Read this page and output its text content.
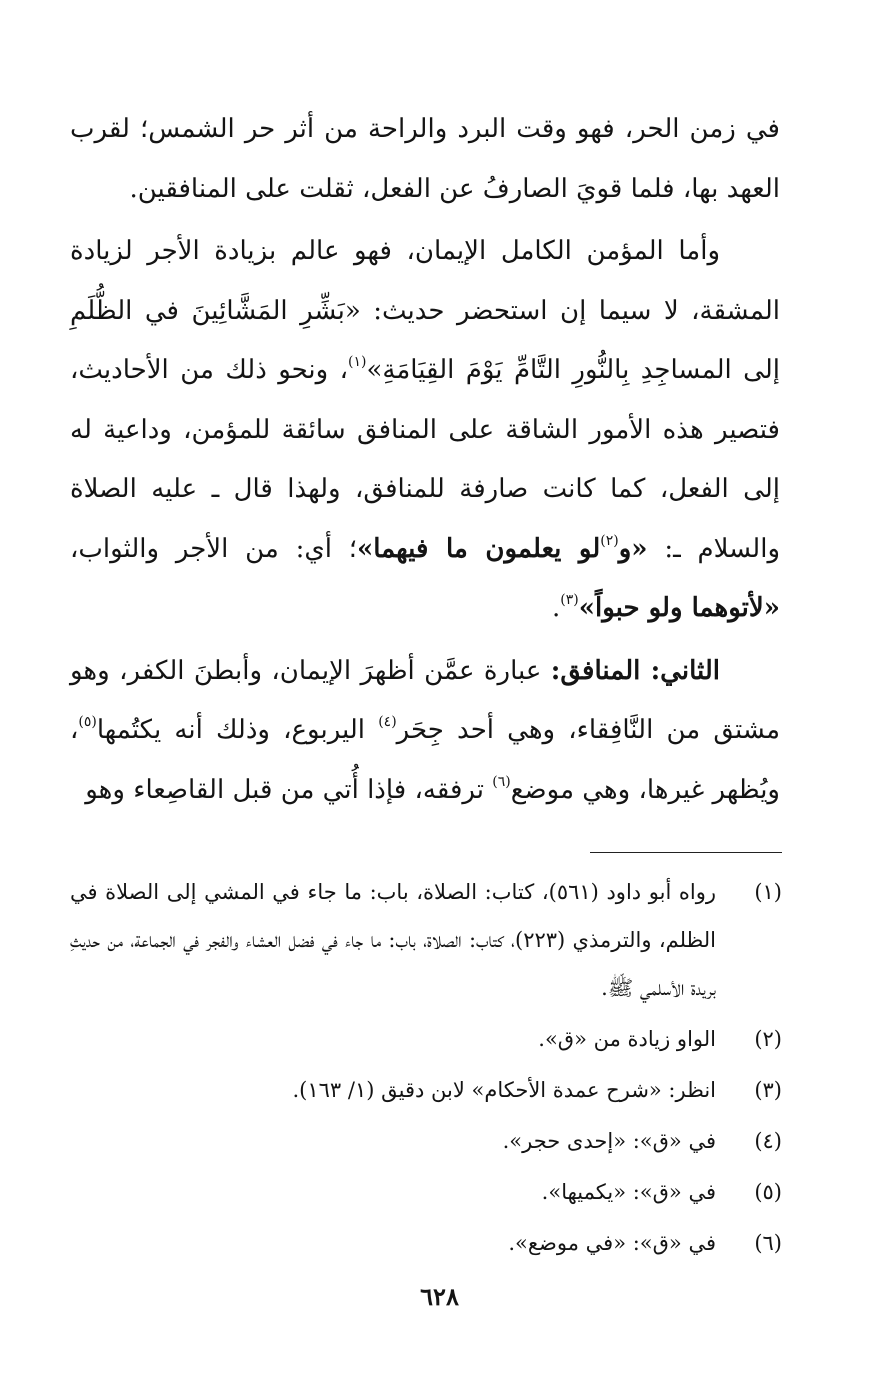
في زمن الحر، فهو وقت البرد والراحة من أثر حر الشمس؛ لقرب العهد بها، فلما قويَ الصارفُ عن الفعل، ثقلت على المنافقين.

وأما المؤمن الكامل الإيمان، فهو عالم بزيادة الأجر لزيادة المشقة، لا سيما إن استحضر حديث: «بَشِّرِ المَشَّائِينَ في الظُّلَمِ إلى المساجِدِ بِالنُّورِ التَّامِّ يَوْمَ القِيَامَةِ»$^{(١)}$، ونحو ذلك من الأحاديث، فتصير هذه الأمور الشاقة على المنافق سائقة للمؤمن، وداعية له إلى الفعل، كما كانت صارفة للمنافق، ولهذا قال ـ عليه الصلاة والسلام ـ: «و$^{(٢)}$لو يعلمون ما فيهما»؛ أي: من الأجر والثواب، «لأتوهما ولو حبواً»$^{(٣)}$.

الثاني: المنافق: عبارة عمَّن أظهرَ الإيمان، وأبطنَ الكفر، وهو مشتق من النَّافِقاء، وهي أحد جِحَر$^{(٤)}$ اليربوع، وذلك أنه يكتُمها$^{(٥)}$، ويُظهر غيرها، وهي موضع$^{(٦)}$ ترفقه، فإذا أُتي من قبل القاصِعاء وهو

(١)
رواه أبو داود (٥٦١)، كتاب: الصلاة، باب: ما جاء في المشي إلى الصلاة في الظلم، والترمذي (٢٢٣)، كتاب: الصلاة، باب: ما جاء في فضل العشاء والفجر في الجماعة، من حديثِ بريدة الأسلمي ﷺ.
(٢)
الواو زيادة من «ق».
(٣)
انظر: «شرح عمدة الأحكام» لابن دقيق (١/ ١٦٣).
(٤)
في «ق»: «إحدى حجر».
(٥)
في «ق»: «يكميها».
(٦)
في «ق»: «في موضع».
٦٢٨
